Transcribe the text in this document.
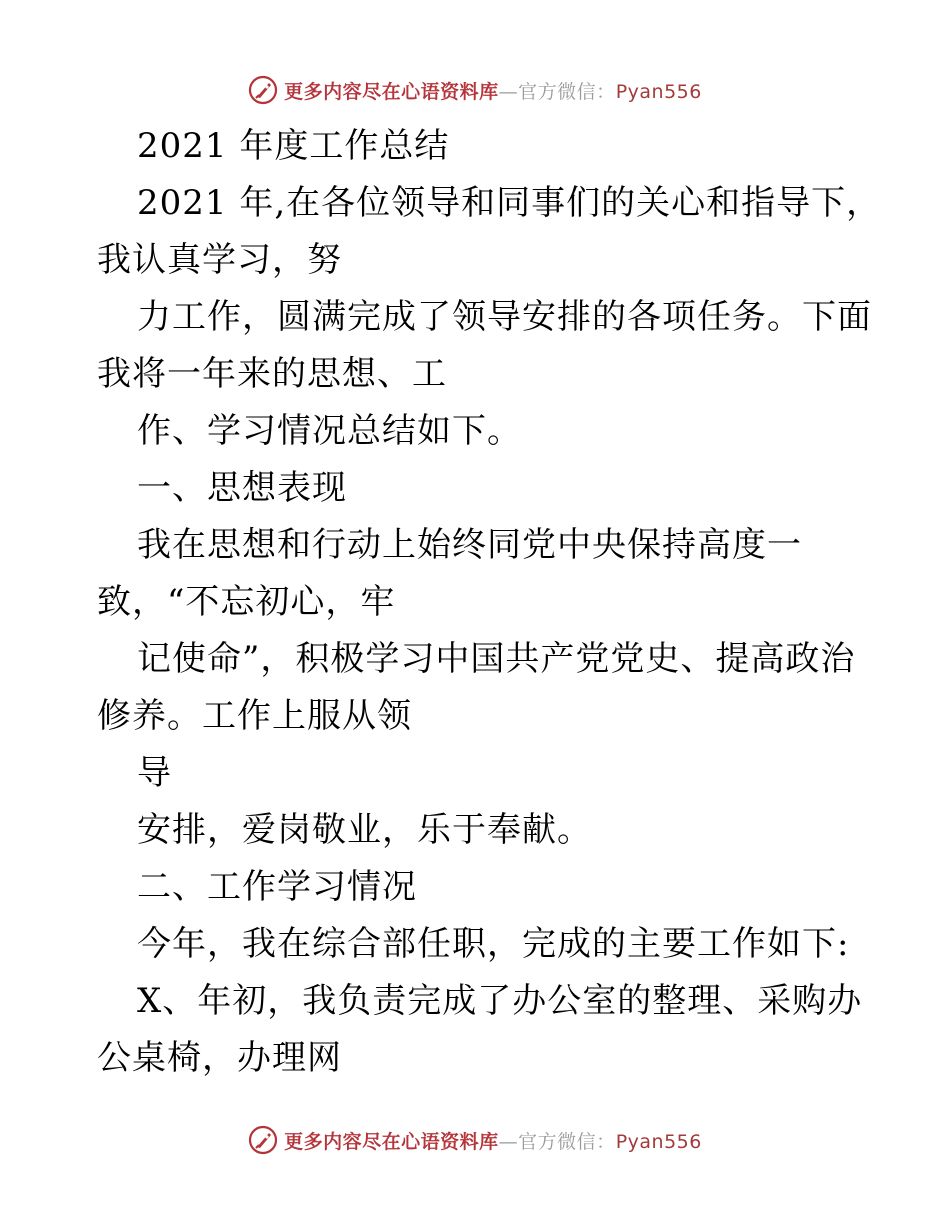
更多内容尽在心语资料库—官方微信：Pyan556
2021 年度工作总结
2021 年,在各位领导和同事们的关心和指导下，
我认真学习，努
力工作，圆满完成了领导安排的各项任务。下面
我将一年来的思想、工
作、学习情况总结如下。
一、思想表现
我在思想和行动上始终同党中央保持高度一
致，“不忘初心，牢
记使命”，积极学习中国共产党党史、提高政治
修养。工作上服从领
导
安排，爱岗敬业，乐于奉献。
二、工作学习情况
今年，我在综合部任职，完成的主要工作如下:
X、年初，我负责完成了办公室的整理、采购办
公桌椅，办理网
更多内容尽在心语资料库—官方微信：Pyan556
